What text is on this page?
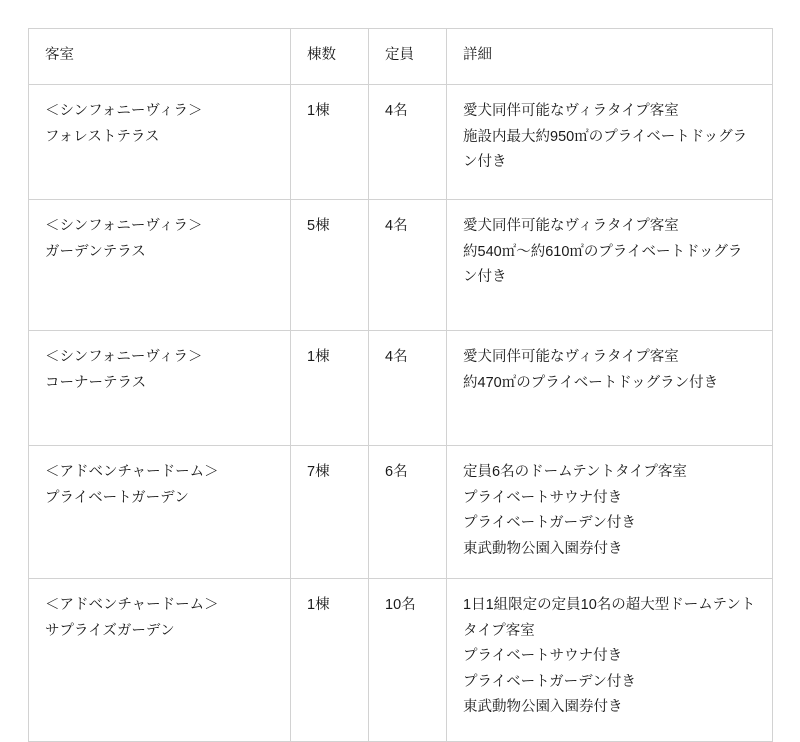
客室	棟数	定員	詳細
＜シンフォニーヴィラ＞
フォレストテラス	1棟	4名	愛犬同伴可能なヴィラタイプ客室
施設内最大約950㎡のプライベートドッグラン付き

＜シンフォニーヴィラ＞
ガーデンテラス	5棟	4名	愛犬同伴可能なヴィラタイプ客室
約540㎡〜約610㎡のプライベートドッグラン付き

＜シンフォニーヴィラ＞
コーナーテラス	1棟	4名	愛犬同伴可能なヴィラタイプ客室
約470㎡のプライベートドッグラン付き

＜アドベンチャードーム＞
プライベートガーデン	7棟	6名	定員6名のドームテントタイプ客室
プライベートサウナ付き
プライベートガーデン付き
東武動物公園入園券付き

＜アドベンチャードーム＞
サプライズガーデン	1棟	10名	1日1組限定の定員10名の超大型ドームテントタイプ客室
プライベートサウナ付き
プライベートガーデン付き
東武動物公園入園券付き
